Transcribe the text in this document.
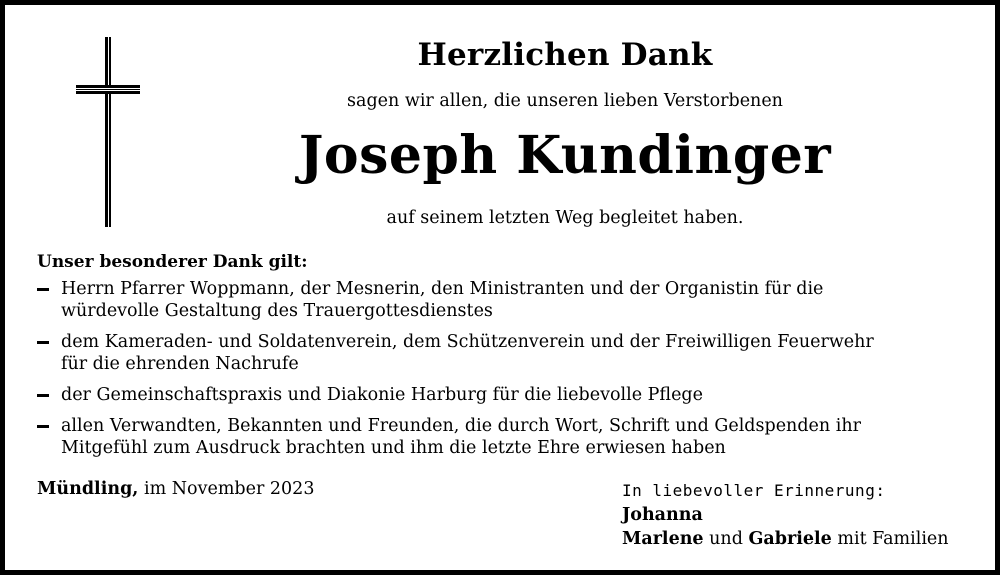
Herzlichen Dank
sagen wir allen, die unseren lieben Verstorbenen
Joseph Kundinger
auf seinem letzten Weg begleitet haben.
Unser besonderer Dank gilt:
Herrn Pfarrer Woppmann, der Mesnerin, den Ministranten und der Organistin für die
würdevolle Gestaltung des Trauergottesdienstes
dem Kameraden- und Soldatenverein, dem Schützenverein und der Freiwilligen Feuerwehr
für die ehrenden Nachrufe
der Gemeinschaftspraxis und Diakonie Harburg für die liebevolle Pflege
allen Verwandten, Bekannten und Freunden, die durch Wort, Schrift und Geldspenden ihr
Mitgefühl zum Ausdruck brachten und ihm die letzte Ehre erwiesen haben
Mündling, im November 2023	In liebevoller Erinnerung:
Johanna
Marlene und Gabriele mit Familien
